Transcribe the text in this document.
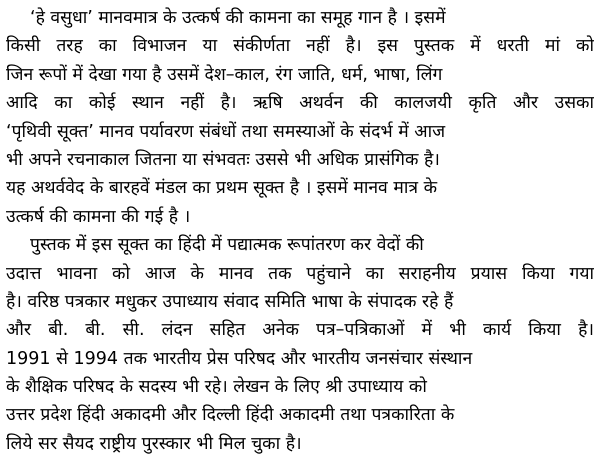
‘हे वसुधा’ मानवमात्र के उत्कर्ष की कामना का समूह गान है । इसमें
किसी तरह का विभाजन या संकीर्णता नहीं है। इस पुस्तक में धरती मां को
जिन रूपों में देखा गया है उसमें देश–काल, रंग जाति, धर्म, भाषा, लिंग
आदि का कोई स्थान नहीं है। ऋषि अथर्वन की कालजयी कृति और उसका
‘पृथिवी सूक्त’ मानव पर्यावरण संबंधों तथा समस्याओं के संदर्भ में आज
भी अपने रचनाकाल जितना या संभवतः उससे भी अधिक प्रासंगिक है।
यह अथर्ववेद के बारहवें मंडल का प्रथम सूक्त है । इसमें मानव मात्र के
उत्कर्ष की कामना की गई है ।
पुस्तक में इस सूक्त का हिंदी में पद्यात्मक रूपांतरण कर वेदों की
उदात्त भावना को आज के मानव तक पहुंचाने का सराहनीय प्रयास किया गया
है। वरिष्ठ पत्रकार मधुकर उपाध्याय संवाद समिति भाषा के संपादक रहे हैं
और बी. बी. सी. लंदन सहित अनेक पत्र–पत्रिकाओं में भी कार्य किया है।
1991 से 1994 तक भारतीय प्रेस परिषद और भारतीय जनसंचार संस्थान
के शैक्षिक परिषद के सदस्य भी रहे। लेखन के लिए श्री उपाध्याय को
उत्तर प्रदेश हिंदी अकादमी और दिल्ली हिंदी अकादमी तथा पत्रकारिता के
लिये सर सैयद राष्ट्रीय पुरस्कार भी मिल चुका है।
